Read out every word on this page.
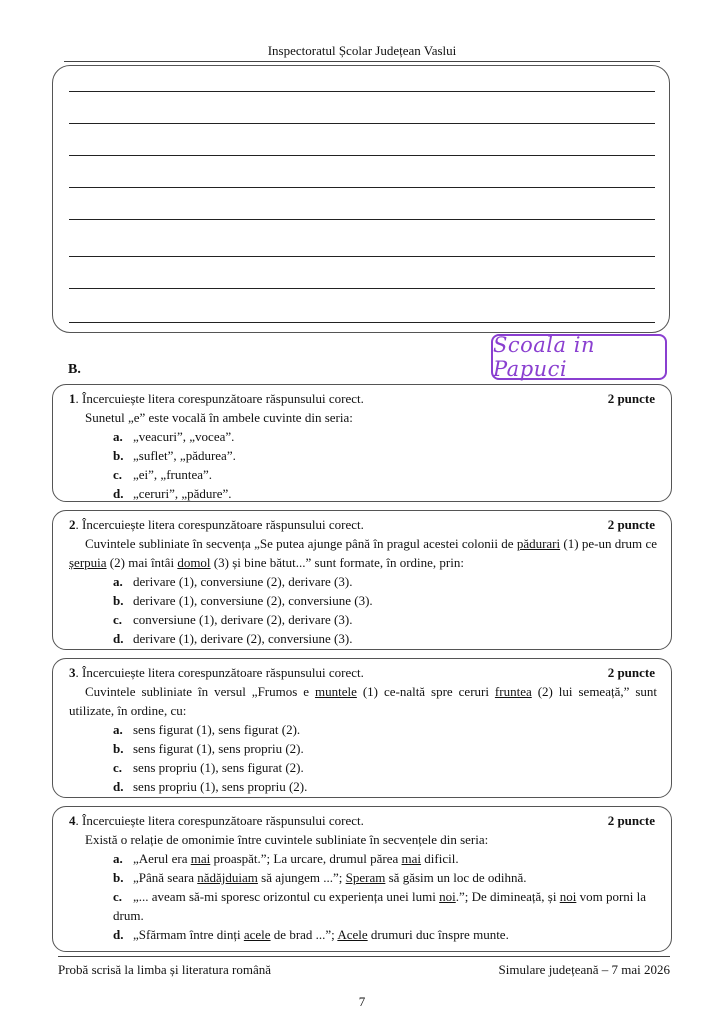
Inspectoratul Școlar Județean Vaslui
Scoala in Papuci
B.
1. Încercuiește litera corespunzătoare răspunsului corect.	2 puncte
Sunetul „e” este vocală în ambele cuvinte din seria:
a. „veacuri”, „vocea”.
b. „suflet”, „pădurea”.
c. „ei”, „fruntea”.
d. „ceruri”, „pădure”.
2. Încercuiește litera corespunzătoare răspunsului corect.	2 puncte
Cuvintele subliniate în secvența „Se putea ajunge până în pragul acestei colonii de pădurari (1) pe-un drum ce șerpuia (2) mai întâi domol (3) și bine bătut...” sunt formate, în ordine, prin:
a. derivare (1), conversiune (2), derivare (3).
b. derivare (1), conversiune (2), conversiune (3).
c. conversiune (1), derivare (2), derivare (3).
d. derivare (1), derivare (2), conversiune (3).
3. Încercuiește litera corespunzătoare răspunsului corect.	2 puncte
Cuvintele subliniate în versul „Frumos e muntele (1) ce-naltă spre ceruri fruntea (2) lui semeață,” sunt utilizate, în ordine, cu:
a. sens figurat (1), sens figurat (2).
b. sens figurat (1), sens propriu (2).
c. sens propriu (1), sens figurat (2).
d. sens propriu (1), sens propriu (2).
4. Încercuiește litera corespunzătoare răspunsului corect.	2 puncte
Există o relație de omonimie între cuvintele subliniate în secvențele din seria:
a. „Aerul era mai proaspăt.”; La urcare, drumul părea mai dificil.
b. „Până seara nădăjduiam să ajungem ...”; Speram să găsim un loc de odihnă.
c. „... aveam să-mi sporesc orizontul cu experiența unei lumi noi.”; De dimineață, și noi vom porni la drum.
d. „Sfărmam între dinți acele de brad ...”; Acele drumuri duc înspre munte.
Probă scrisă la limba și literatura română	Simulare județeană – 7 mai 2026
7
